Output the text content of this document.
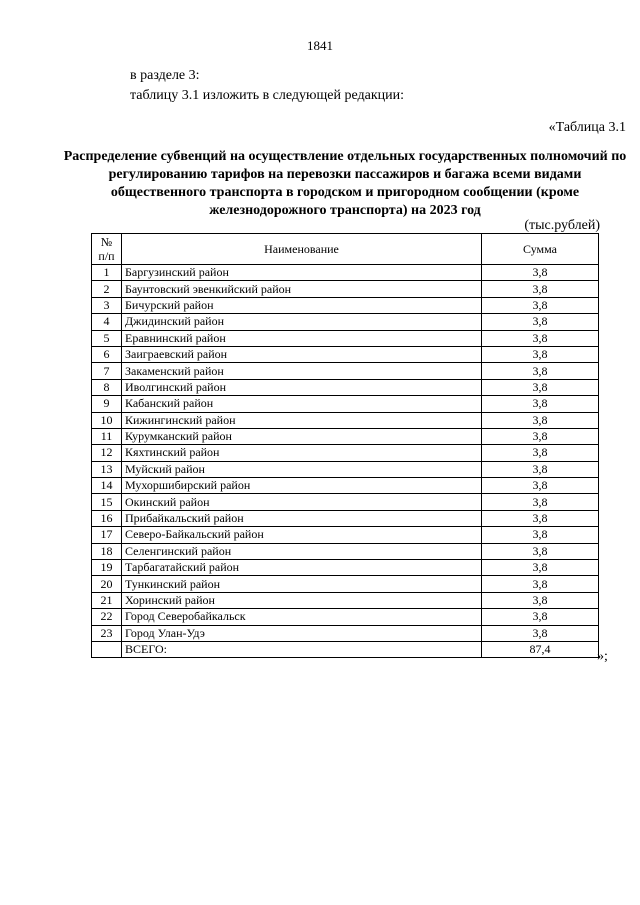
1841
в разделе 3:
таблицу 3.1 изложить в следующей редакции:
«Таблица 3.1
Распределение субвенций на осуществление отдельных государственных полномочий по регулированию тарифов на перевозки пассажиров и багажа всеми видами общественного транспорта в городском и пригородном сообщении (кроме железнодорожного транспорта) на 2023 год
(тыс.рублей)
№ п/п	Наименование	Сумма
1	Баргузинский район	3,8
2	Баунтовский эвенкийский район	3,8
3	Бичурский район	3,8
4	Джидинский район	3,8
5	Еравнинский район	3,8
6	Заиграевский район	3,8
7	Закаменский район	3,8
8	Иволгинский район	3,8
9	Кабанский район	3,8
10	Кижингинский район	3,8
11	Курумканский район	3,8
12	Кяхтинский район	3,8
13	Муйский район	3,8
14	Мухоршибирский район	3,8
15	Окинский район	3,8
16	Прибайкальский район	3,8
17	Северо-Байкальский район	3,8
18	Селенгинский район	3,8
19	Тарбагатайский район	3,8
20	Тункинский район	3,8
21	Хоринский район	3,8
22	Город Северобайкальск	3,8
23	Город Улан-Удэ	3,8
	ВСЕГО:	87,4	»;
